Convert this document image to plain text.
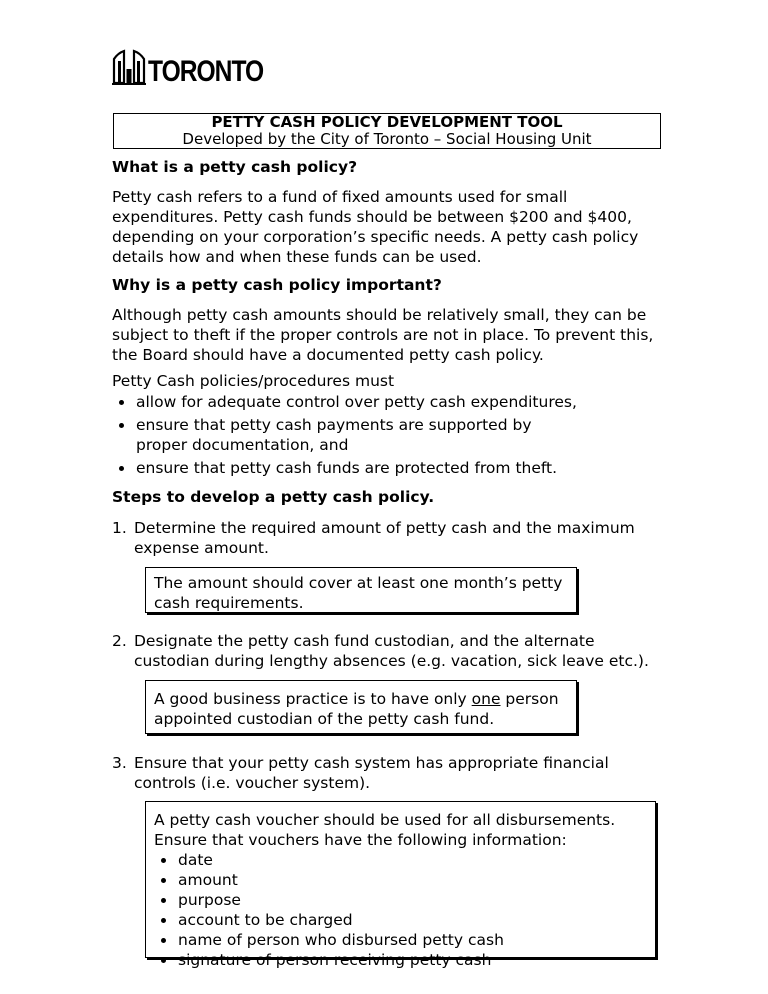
TORONTO
PETTY CASH POLICY DEVELOPMENT TOOL
Developed by the City of Toronto – Social Housing Unit
What is a petty cash policy?

Petty cash refers to a fund of fixed amounts used for small expenditures. Petty cash funds should be between $200 and $400, depending on your corporation’s specific needs. A petty cash policy details how and when these funds can be used.

Why is a petty cash policy important?

Although petty cash amounts should be relatively small, they can be subject to theft if the proper controls are not in place. To prevent this, the Board should have a documented petty cash policy.

Petty Cash policies/procedures must

allow for adequate control over petty cash expenditures,
ensure that petty cash payments are supported by proper documentation, and
ensure that petty cash funds are protected from theft.
Steps to develop a petty cash policy.
1. Determine the required amount of petty cash and the maximum expense amount.
The amount should cover at least one month’s petty cash requirements.
2. Designate the petty cash fund custodian, and the alternate custodian during lengthy absences (e.g. vacation, sick leave etc.).
A good business practice is to have only one person appointed custodian of the petty cash fund.
3. Ensure that your petty cash system has appropriate financial controls (i.e. voucher system).
A petty cash voucher should be used for all disbursements. Ensure that vouchers have the following information:
date
amount
purpose
account to be charged
name of person who disbursed petty cash
signature of person receiving petty cash
